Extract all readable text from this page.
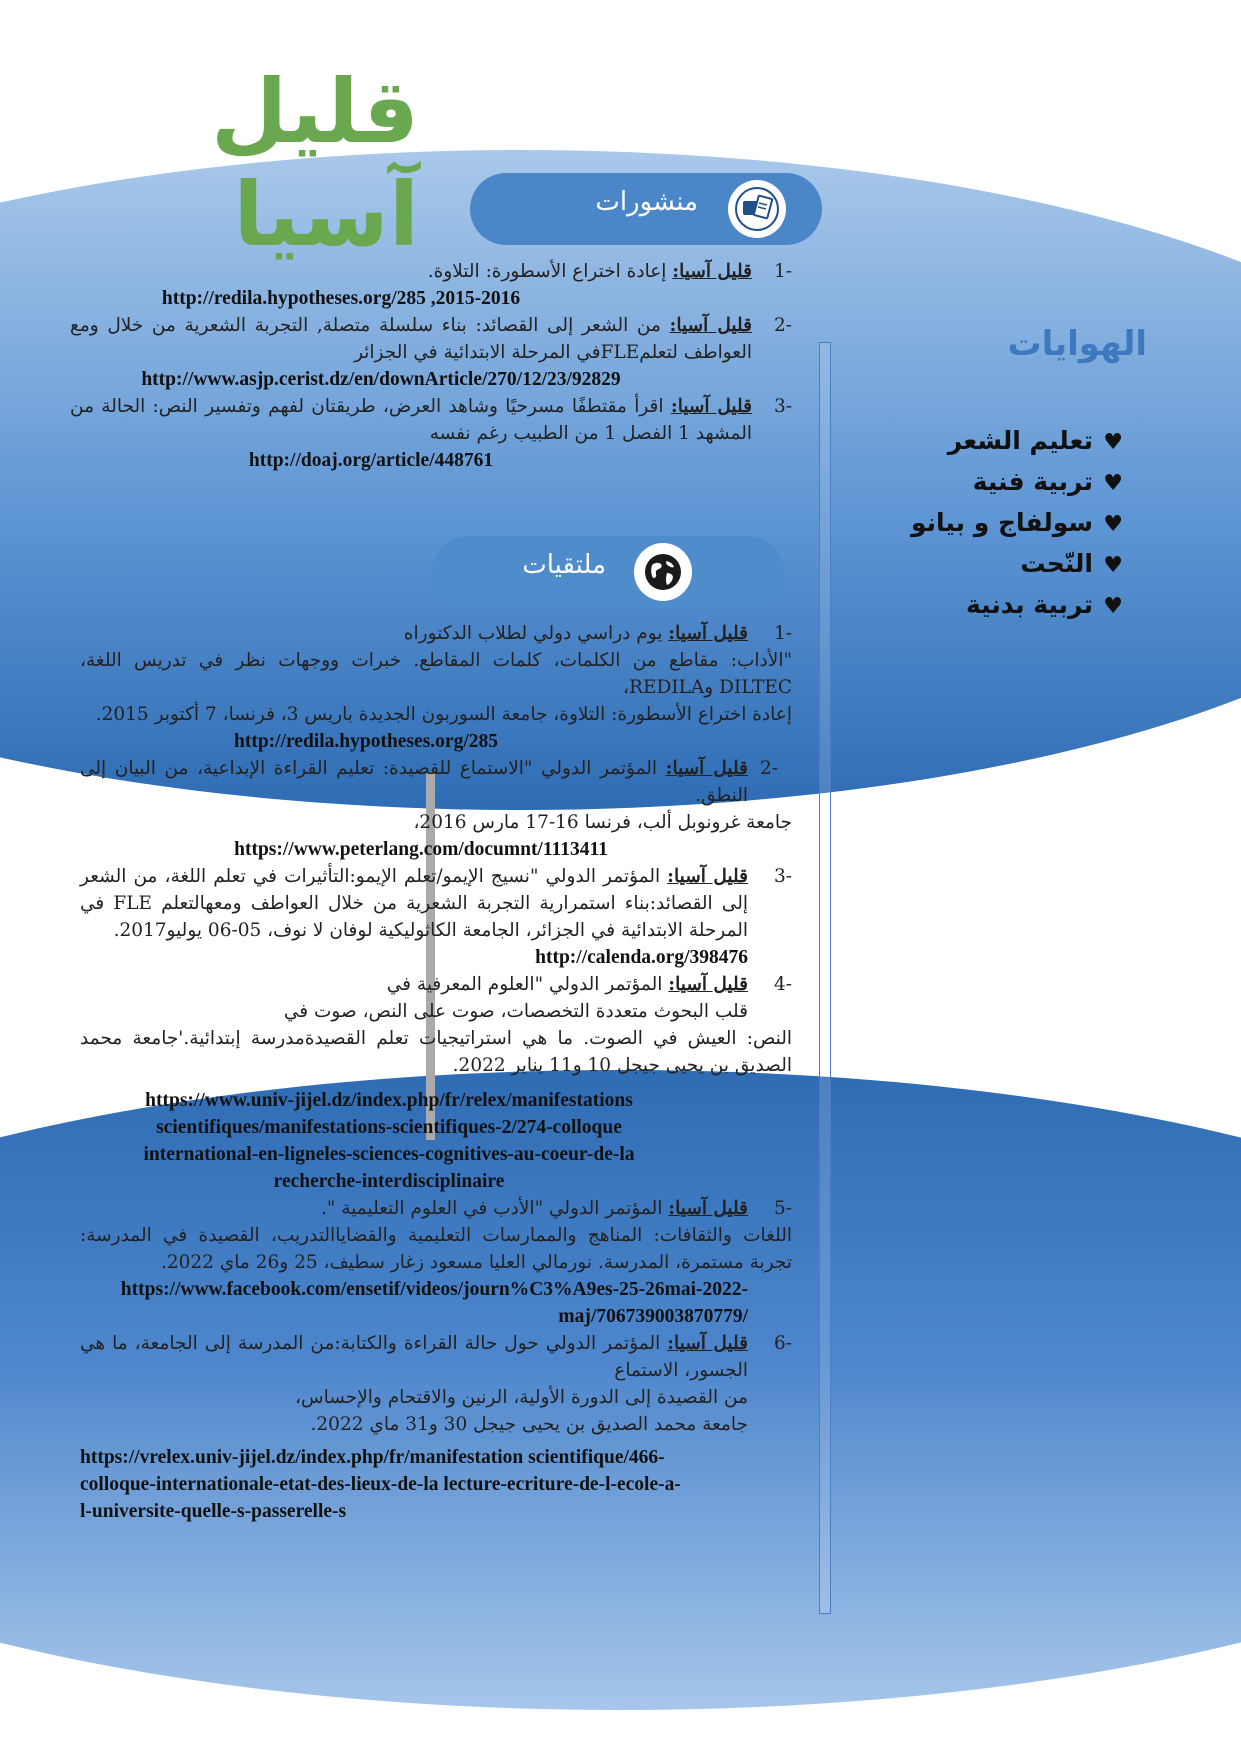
قليل آسيا	منشورات
-1

قليل آسيا: إعادة اختراع الأسطورة: التلاوة.

http://redila.hypotheses.org/285 ,2015-2016
-2

قليل آسيا: من الشعر إلى القصائد: بناء سلسلة متصلة, التجربة الشعرية من خلال ومع العواطف لتعلمFLEفي المرحلة الابتدائية في الجزائر

http://www.asjp.cerist.dz/en/downArticle/270/12/23/92829
-3

قليل آسيا: اقرأ مقتطفًا مسرحيًا وشاهد العرض، طريقتان لفهم وتفسير النص: الحالة من المشهد 1 الفصل 1 من الطبيب رغم نفسه

http://doaj.org/article/448761
ملتقيات

-1
قليل آسيا: يوم دراسي دولي لطلاب الدكتوراه

"الأداب: مقاطع من الكلمات، كلمات المقاطع. خبرات ووجهات نظر في تدريس اللغة، DILTEC وREDILA،

إعادة اختراع الأسطورة: التلاوة، جامعة السوربون الجديدة باريس 3، فرنسا، 7 أكتوبر 2015.

http://redila.hypotheses.org/285

-2
قليل آسيا: المؤتمر الدولي "الاستماع للقصيدة: تعليم القراءة الإبداعية، من البيان إلى النطق.

جامعة غرونوبل ألب، فرنسا 16-17 مارس 2016،

https://www.peterlang.com/documnt/1113411
-3

قليل آسيا: المؤتمر الدولي "نسيج الإيمو/تعلم الإيمو:التأثيرات في تعلم اللغة، من الشعر إلى القصائد:بناء استمرارية التجربة الشعرية من خلال العواطف ومعهالتعلم FLE في المرحلة الابتدائية في الجزائر، الجامعة الكاثوليكية لوفان لا نوف، 05-06 يوليو2017.

http://calenda.org/398476
-4

قليل آسيا: المؤتمر الدولي "العلوم المعرفية في

قلب البحوث متعددة التخصصات، صوت على النص، صوت في

النص: العيش في الصوت. ما هي استراتيجيات تعلم القصيدةمدرسة إبتدائية.'جامعة محمد الصديق بن يحيى جيجل 10 و11 يناير 2022.

https://www.univ-jijel.dz/index.php/fr/relex/manifestations scientifiques/manifestations-scientifiques-2/274-colloque international-en-ligneles-sciences-cognitives-au-coeur-de-la recherche-interdisciplinaire
-5

قليل آسيا: المؤتمر الدولي "الأدب في العلوم التعليمية ".

اللغات والثقافات: المناهج والممارسات التعليمية والقضاياالتدريب، القصيدة في المدرسة: تجربة مستمرة، المدرسة. نورمالي العليا مسعود زغار سطيف، 25 و26 ماي 2022.

https://www.facebook.com/ensetif/videos/journ%C3%A9es-25-26mai-2022-maj/706739003870779/
-6

قليل آسيا: المؤتمر الدولي حول حالة القراءة والكتابة:من المدرسة إلى الجامعة، ما هي الجسور، الاستماع

من القصيدة إلى الدورة الأولية، الرنين والاقتحام والإحساس،

جامعة محمد الصديق بن يحيى جيجل 30 و31 ماي 2022.

https://vrelex.univ-jijel.dz/index.php/fr/manifestation scientifique/466-colloque-internationale-etat-des-lieux-de-la lecture-ecriture-de-l-ecole-a-l-universite-quelle-s-passerelle-s
الهوايات
♥تعليم الشعر
♥تربية فنية
♥سولفاج و بيانو
♥النّحت
♥تربية بدنية
